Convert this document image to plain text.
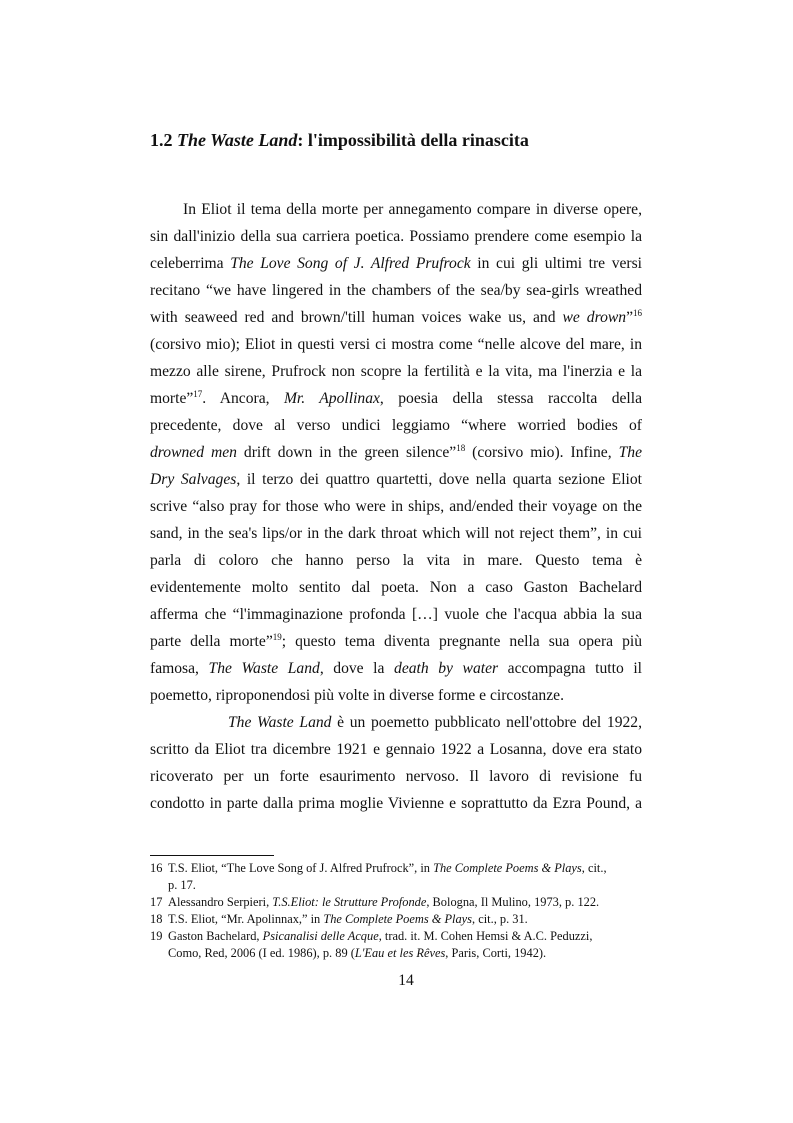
1.2 The Waste Land: l'impossibilità della rinascita
In Eliot il tema della morte per annegamento compare in diverse opere,
sin dall'inizio della sua carriera poetica. Possiamo prendere come esempio la
celeberrima The Love Song of J. Alfred Prufrock in cui gli ultimi tre versi
recitano “we have lingered in the chambers of the sea/by sea-girls wreathed
with seaweed red and brown/'till human voices wake us, and we drown”$^{16}$
(corsivo mio); Eliot in questi versi ci mostra come “nelle alcove del mare, in
mezzo alle sirene, Prufrock non scopre la fertilità e la vita, ma l'inerzia e la
morte”$^{17}$. Ancora, Mr. Apollinax, poesia della stessa raccolta della
precedente, dove al verso undici leggiamo “where worried bodies of
drowned men drift down in the green silence”$^{18}$ (corsivo mio). Infine, The
Dry Salvages, il terzo dei quattro quartetti, dove nella quarta sezione Eliot
scrive “also pray for those who were in ships, and/ended their voyage on the
sand, in the sea's lips/or in the dark throat which will not reject them”, in cui
parla di coloro che hanno perso la vita in mare. Questo tema è
evidentemente molto sentito dal poeta. Non a caso Gaston Bachelard
afferma che “l'immaginazione profonda […] vuole che l'acqua abbia la sua
parte della morte”$^{19}$; questo tema diventa pregnante nella sua opera più
famosa, The Waste Land, dove la death by water accompagna tutto il
poemetto, riproponendosi più volte in diverse forme e circostanze.
The Waste Land è un poemetto pubblicato nell'ottobre del 1922,
scritto da Eliot tra dicembre 1921 e gennaio 1922 a Losanna, dove era stato
ricoverato per un forte esaurimento nervoso. Il lavoro di revisione fu
condotto in parte dalla prima moglie Vivienne e soprattutto da Ezra Pound, a
16 T.S. Eliot, “The Love Song of J. Alfred Prufrock”, in The Complete Poems & Plays, cit.,
p. 17.
17 Alessandro Serpieri, T.S.Eliot: le Strutture Profonde, Bologna, Il Mulino, 1973, p. 122.
18 T.S. Eliot, “Mr. Apolinnax,” in The Complete Poems & Plays, cit., p. 31.
19 Gaston Bachelard, Psicanalisi delle Acque, trad. it. M. Cohen Hemsi & A.C. Peduzzi,
Como, Red, 2006 (I ed. 1986), p. 89 (L'Eau et les Rêves, Paris, Corti, 1942).
14
